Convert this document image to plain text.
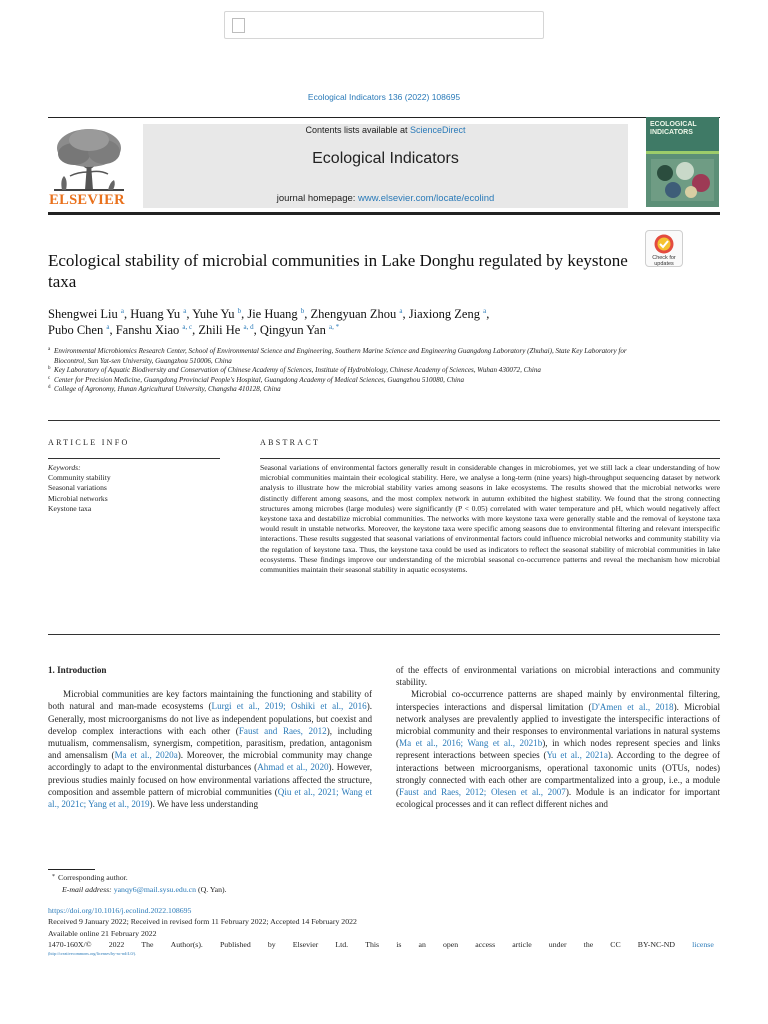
Ecological Indicators 136 (2022) 108695
ELSEVIER
Contents lists available at ScienceDirect
Ecological Indicators
journal homepage: www.elsevier.com/locate/ecolind
ECOLOGICAL INDICATORS
Check for updates
Ecological stability of microbial communities in Lake Donghu regulated by keystone taxa
Shengwei Liu $^a$, Huang Yu $^a$, Yuhe Yu $^b$, Jie Huang $^b$, Zhengyuan Zhou $^a$, Jiaxiong Zeng $^a$,
Pubo Chen $^a$, Fanshu Xiao $^{a, c}$, Zhili He $^{a, d}$, Qingyun Yan $^{a, *}$
a Environmental Microbiomics Research Center, School of Environmental Science and Engineering, Southern Marine Science and Engineering Guangdong Laboratory (Zhuhai), State Key Laboratory for Biocontrol, Sun Yat-sen University, Guangzhou 510006, China
b Key Laboratory of Aquatic Biodiversity and Conservation of Chinese Academy of Sciences, Institute of Hydrobiology, Chinese Academy of Sciences, Wuhan 430072, China
c Center for Precision Medicine, Guangdong Provincial People's Hospital, Guangdong Academy of Medical Sciences, Guangzhou 510080, China
d College of Agronomy, Hunan Agricultural University, Changsha 410128, China
ARTICLE INFO	ABSTRACT
Keywords:
Community stability
Seasonal variations
Microbial networks
Keystone taxa
Seasonal variations of environmental factors generally result in considerable changes in microbiomes, yet we still lack a clear understanding of how microbial communities maintain their ecological stability. Here, we analyse a long-term (nine years) high-throughput sequencing dataset by network analysis to illustrate how the microbial stability varies among seasons in lake ecosystems. The results showed that the microbial networks were distinctly different among seasons, and the most complex network in autumn exhibited the highest stability. We found that the strong connecting structures among microbes (large modules) were significantly (P < 0.05) correlated with water temperature and pH, which would negatively affect keystone taxa and destabilize microbial communities. The networks with more keystone taxa were generally stable and the removal of keystone taxa would result in unstable networks. Moreover, the keystone taxa were specific among seasons due to environmental filtering and relevant interspecific interactions. These results suggested that seasonal variations of environmental factors could influence microbial networks and community stability via the regulation of keystone taxa. Thus, the keystone taxa could be used as indicators to reflect the seasonal stability of microbial communities in lake ecosystems. These findings improve our understanding of the microbial seasonal co-occurrence patterns and reveal the mechanism how microbial communities maintain their seasonal stability in aquatic ecosystems.

1. Introduction

Microbial communities are key factors maintaining the functioning and stability of both natural and man-made ecosystems (Lurgi et al., 2019; Oshiki et al., 2016). Generally, most microorganisms do not live as independent populations, but coexist and develop complex interactions with each other (Faust and Raes, 2012), including mutualism, commensalism, synergism, competition, parasitism, predation, antagonism and amensalism (Ma et al., 2020a). Moreover, the microbial community may change accordingly to adapt to the environmental disturbances (Ahmad et al., 2020). However, previous studies mainly focused on how environmental variations affected the structure, composition and assemble pattern of microbial communities (Qiu et al., 2021; Wang et al., 2021c; Yang et al., 2019). We have less understanding

of the effects of environmental variations on microbial interactions and community stability.

Microbial co-occurrence patterns are shaped mainly by environmental filtering, interspecies interactions and dispersal limitation (D'Amen et al., 2018). Microbial network analyses are prevalently applied to investigate the interspecific interactions of microbial community and their responses to environmental variations in natural systems (Ma et al., 2016; Wang et al., 2021b), in which nodes represent species and links represent interactions between species (Yu et al., 2021a). According to the degree of interactions between microorganisms, operational taxonomic units (OTUs, nodes) strongly connected with each other are compartmentalized into a group, i.e., a module (Faust and Raes, 2012; Olesen et al., 2007). Module is an indicator for important ecological processes and it can reflect different niches and

* Corresponding author.
E-mail address: yanqy6@mail.sysu.edu.cn (Q. Yan).
https://doi.org/10.1016/j.ecolind.2022.108695
Received 9 January 2022; Received in revised form 11 February 2022; Accepted 14 February 2022
Available online 21 February 2022
1470-160X/© 2022 The Author(s). Published by Elsevier Ltd. This is an open access article under the CC BY-NC-ND license
(http://creativecommons.org/licenses/by-nc-nd/4.0/).
